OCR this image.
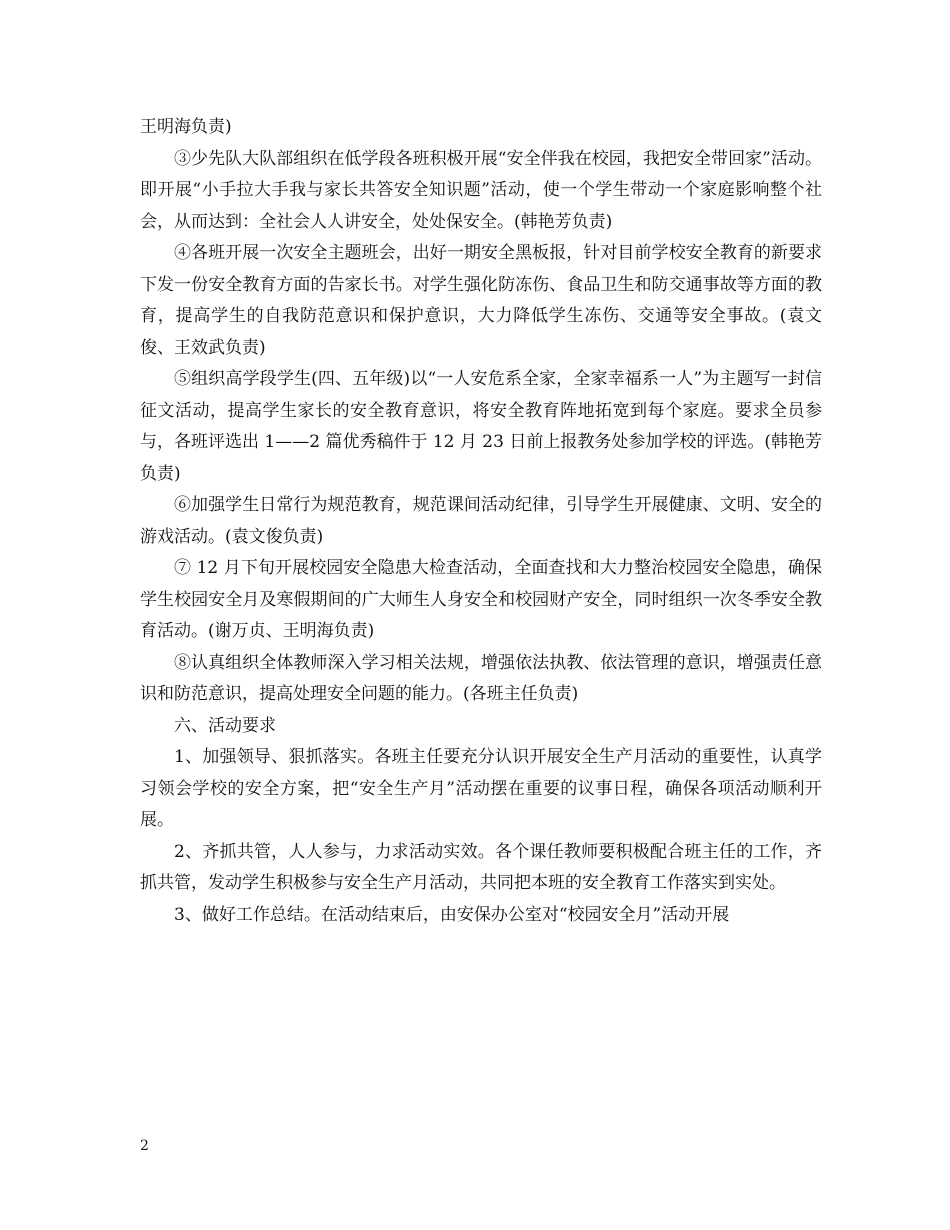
王明海负责)

③少先队大队部组织在低学段各班积极开展“安全伴我在校园，我把安全带回家”活动。即开展“小手拉大手我与家长共答安全知识题”活动，使一个学生带动一个家庭影响整个社会，从而达到：全社会人人讲安全，处处保安全。(韩艳芳负责)

④各班开展一次安全主题班会，出好一期安全黑板报，针对目前学校安全教育的新要求下发一份安全教育方面的告家长书。对学生强化防冻伤、食品卫生和防交通事故等方面的教育，提高学生的自我防范意识和保护意识，大力降低学生冻伤、交通等安全事故。(袁文俊、王效武负责)

⑤组织高学段学生(四、五年级)以“一人安危系全家，全家幸福系一人”为主题写一封信征文活动，提高学生家长的安全教育意识，将安全教育阵地拓宽到每个家庭。要求全员参与，各班评选出 1——2 篇优秀稿件于 12 月 23 日前上报教务处参加学校的评选。(韩艳芳负责)

⑥加强学生日常行为规范教育，规范课间活动纪律，引导学生开展健康、文明、安全的游戏活动。(袁文俊负责)

⑦ 12 月下旬开展校园安全隐患大检查活动，全面查找和大力整治校园安全隐患，确保学生校园安全月及寒假期间的广大师生人身安全和校园财产安全，同时组织一次冬季安全教育活动。(谢万贞、王明海负责)

⑧认真组织全体教师深入学习相关法规，增强依法执教、依法管理的意识，增强责任意识和防范意识，提高处理安全问题的能力。(各班主任负责)

六、活动要求

1、加强领导、狠抓落实。各班主任要充分认识开展安全生产月活动的重要性，认真学习领会学校的安全方案，把“安全生产月”活动摆在重要的议事日程，确保各项活动顺利开展。

2、齐抓共管，人人参与，力求活动实效。各个课任教师要积极配合班主任的工作，齐抓共管，发动学生积极参与安全生产月活动，共同把本班的安全教育工作落实到实处。

3、做好工作总结。在活动结束后，由安保办公室对“校园安全月”活动开展

2
